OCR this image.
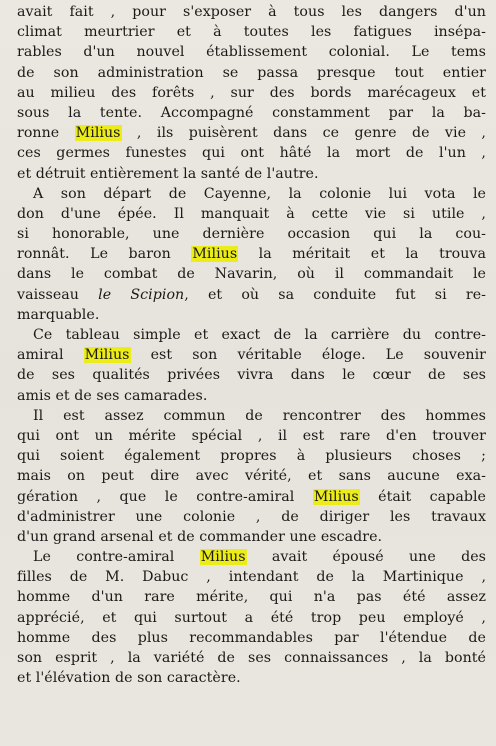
avait fait , pour s'exposer à tous les dangers d'un
climat meurtrier et à toutes les fatigues insépa-
rables d'un nouvel établissement colonial. Le tems
de son administration se passa presque tout entier
au milieu des forêts , sur des bords marécageux et
sous la tente. Accompagné constamment par la ba-
ronne Milius , ils puisèrent dans ce genre de vie ,
ces germes funestes qui ont hâté la mort de l'un ,
et détruit entièrement la santé de l'autre.
A son départ de Cayenne, la colonie lui vota le
don d'une épée. Il manquait à cette vie si utile ,
si honorable, une dernière occasion qui la cou-
ronnât. Le baron Milius la méritait et la trouva
dans le combat de Navarin, où il commandait le
vaisseau le Scipion, et où sa conduite fut si re-
marquable.
Ce tableau simple et exact de la carrière du contre-
amiral Milius est son véritable éloge. Le souvenir
de ses qualités privées vivra dans le cœur de ses
amis et de ses camarades.
Il est assez commun de rencontrer des hommes
qui ont un mérite spécial , il est rare d'en trouver
qui soient également propres à plusieurs choses ;
mais on peut dire avec vérité, et sans aucune exa-
gération , que le contre-amiral Milius était capable
d'administrer une colonie , de diriger les travaux
d'un grand arsenal et de commander une escadre.
Le contre-amiral Milius avait épousé une des
filles de M. Dabuc , intendant de la Martinique ,
homme d'un rare mérite, qui n'a pas été assez
apprécié, et qui surtout a été trop peu employé ,
homme des plus recommandables par l'étendue de
son esprit , la variété de ses connaissances , la bonté
et l'élévation de son caractère.
